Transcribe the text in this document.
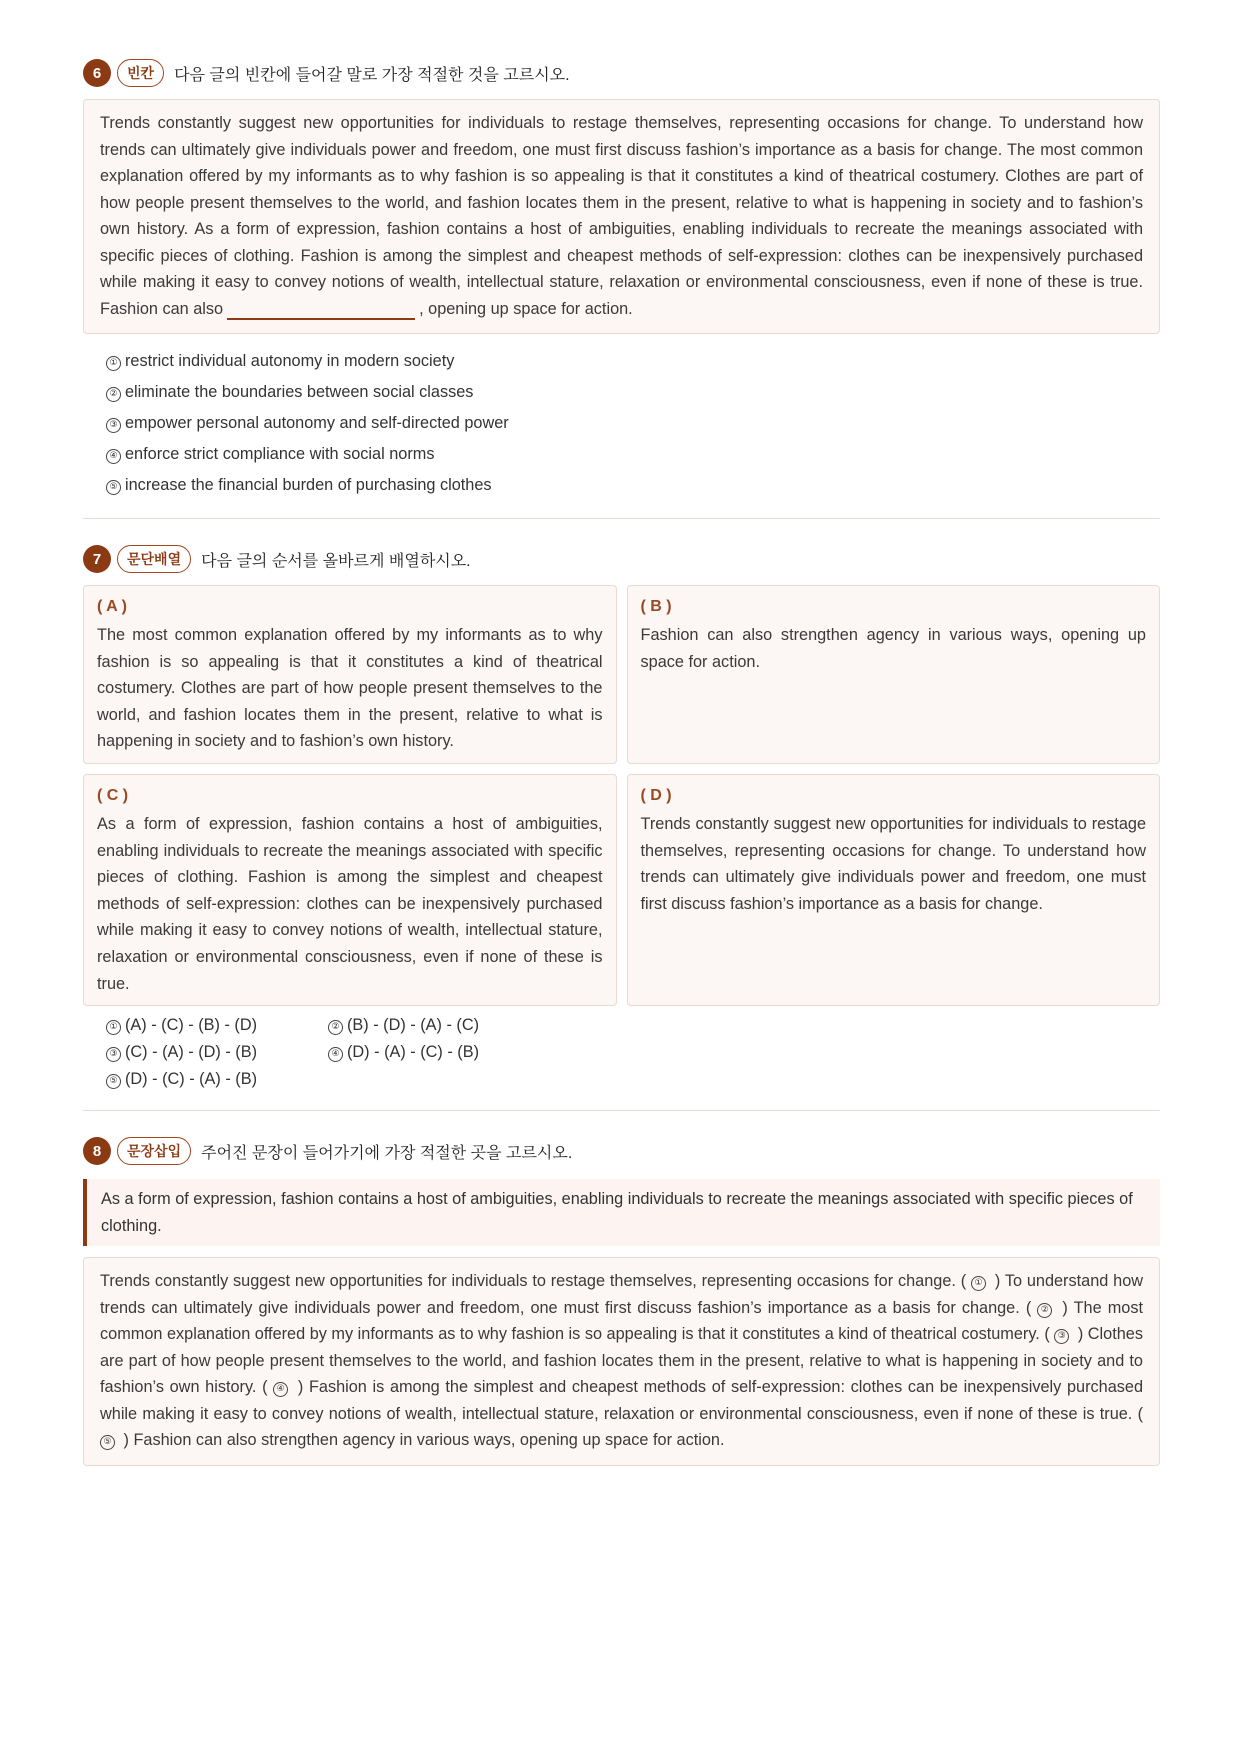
6	빈칸	다음 글의 빈칸에 들어갈 말로 가장 적절한 것을 고르시오.
Trends constantly suggest new opportunities for individuals to restage themselves, representing occasions for change. To understand how trends can ultimately give individuals power and freedom, one must first discuss fashion’s importance as a basis for change. The most common explanation offered by my informants as to why fashion is so appealing is that it constitutes a kind of theatrical costumery. Clothes are part of how people present themselves to the world, and fashion locates them in the present, relative to what is happening in society and to fashion’s own history. As a form of expression, fashion contains a host of ambiguities, enabling individuals to recreate the meanings associated with specific pieces of clothing. Fashion is among the simplest and cheapest methods of self-expression: clothes can be inexpensively purchased while making it easy to convey notions of wealth, intellectual stature, relaxation or environmental consciousness, even if none of these is true. Fashion can also	, opening up space for action.
① restrict individual autonomy in modern society
② eliminate the boundaries between social classes
③ empower personal autonomy and self-directed power
④ enforce strict compliance with social norms
⑤ increase the financial burden of purchasing clothes
7	문단배열	다음 글의 순서를 올바르게 배열하시오.
( A )
The most common explanation offered by my informants as to why fashion is so appealing is that it constitutes a kind of theatrical costumery. Clothes are part of how people present themselves to the world, and fashion locates them in the present, relative to what is happening in society and to fashion’s own history.
( B )
Fashion can also strengthen agency in various ways, opening up space for action.
( C )
As a form of expression, fashion contains a host of ambiguities, enabling individuals to recreate the meanings associated with specific pieces of clothing. Fashion is among the simplest and cheapest methods of self-expression: clothes can be inexpensively purchased while making it easy to convey notions of wealth, intellectual stature, relaxation or environmental consciousness, even if none of these is true.
( D )
Trends constantly suggest new opportunities for individuals to restage themselves, representing occasions for change. To understand how trends can ultimately give individuals power and freedom, one must first discuss fashion’s importance as a basis for change.
① (A) - (C) - (B) - (D)	② (B) - (D) - (A) - (C)
③ (C) - (A) - (D) - (B)	④ (D) - (A) - (C) - (B)
⑤ (D) - (C) - (A) - (B)
8	문장삽입	주어진 문장이 들어가기에 가장 적절한 곳을 고르시오.
As a form of expression, fashion contains a host of ambiguities, enabling individuals to recreate the meanings associated with specific pieces of clothing.
Trends constantly suggest new opportunities for individuals to restage themselves, representing occasions for change. ( ① ) To understand how trends can ultimately give individuals power and freedom, one must first discuss fashion’s importance as a basis for change. ( ② ) The most common explanation offered by my informants as to why fashion is so appealing is that it constitutes a kind of theatrical costumery. ( ③ ) Clothes are part of how people present themselves to the world, and fashion locates them in the present, relative to what is happening in society and to fashion’s own history. ( ④ ) Fashion is among the simplest and cheapest methods of self-expression: clothes can be inexpensively purchased while making it easy to convey notions of wealth, intellectual stature, relaxation or environmental consciousness, even if none of these is true. ( ⑤ ) Fashion can also strengthen agency in various ways, opening up space for action.
